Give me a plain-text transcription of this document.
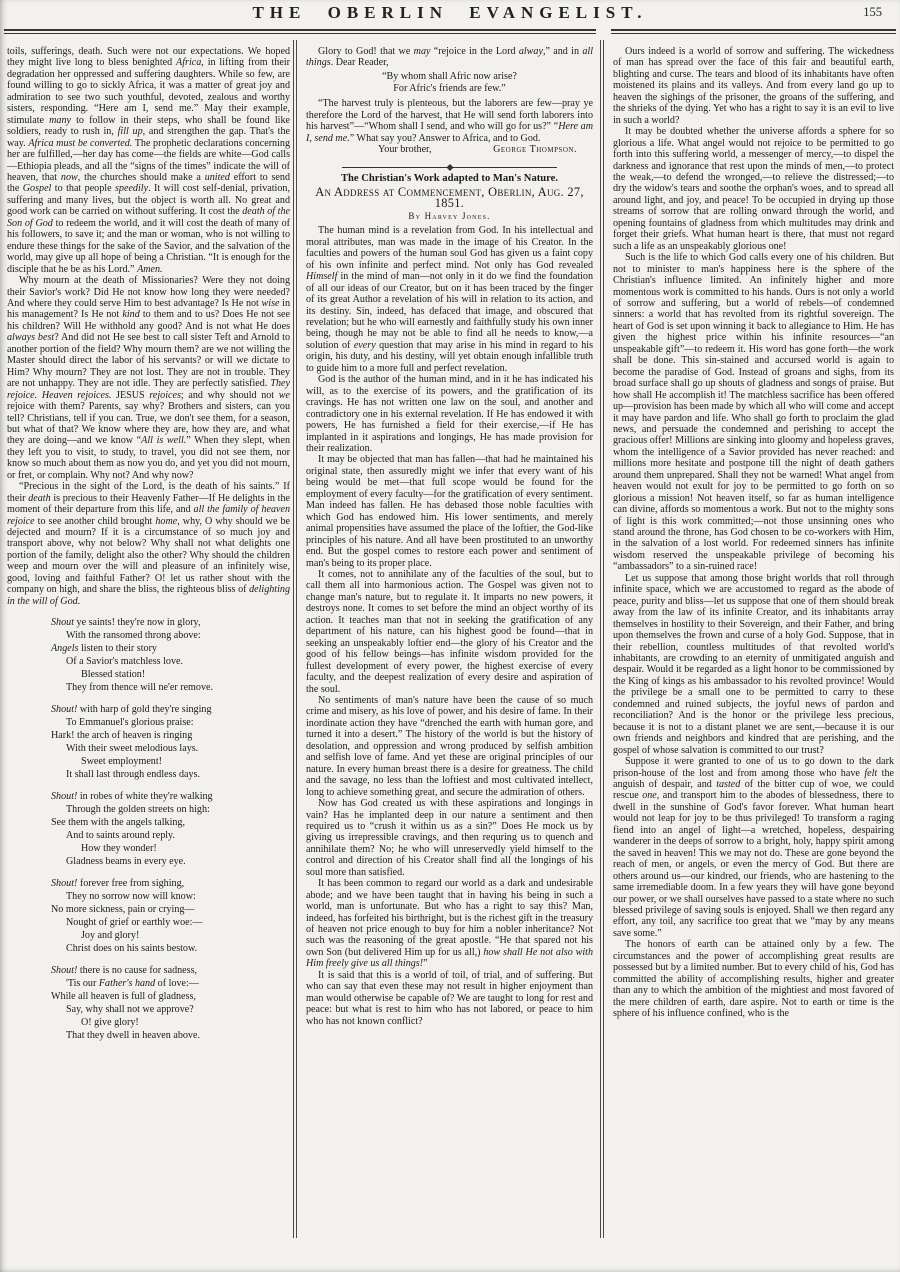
THE OBERLIN EVANGELIST.	155

toils, sufferings, death. Such were not our expectations. We hoped they might live long to bless benighted Africa, in lifting from their degradation her oppressed and suffering daughters. While so few, are found willing to go to sickly Africa, it was a matter of great joy and admiration to see two such youthful, devoted, zealous and worthy sisters, responding. “Here am I, send me.” May their example, stimulate many to follow in their steps, who shall be found like soldiers, ready to rush in, fill up, and strengthen the gap. That's the way. Africa must be converted. The prophetic declarations concerning her are fulfilled,—her day has come—the fields are white—God calls—Ethiopia pleads, and all the “signs of the times” indicate the will of heaven, that now, the churches should make a united effort to send the Gospel to that people speedily. It will cost self-denial, privation, suffering and many lives, but the object is worth all. No great and good work can be carried on without suffering. It cost the death of the Son of God to redeem the world, and it will cost the death of many of his followers, to save it; and the man or woman, who is not willing to endure these things for the sake of the Savior, and the salvation of the world, may give up all hope of being a Christian. “It is enough for the disciple that he be as his Lord.” Amen.

Why mourn at the death of Missionaries? Were they not doing their Savior's work? Did He not know how long they were needed? And where they could serve Him to best advantage? Is He not wise in his management? Is He not kind to them and to us? Does He not see his children? Will He withhold any good? And is not what He does always best? And did not He see best to call sister Teft and Arnold to another portion of the field? Why mourn them? are we not willing the Master should direct the labor of his servants? or will we dictate to Him? Why mourn? They are not lost. They are not in trouble. They are not unhappy. They are not idle. They are perfectly satisfied. They rejoice. Heaven rejoices. JESUS rejoices; and why should not we rejoice with them? Parents, say why? Brothers and sisters, can you tell? Christians, tell if you can. True, we don't see them, for a season, but what of that? We know where they are, how they are, and what they are doing—and we know “All is well.” When they slept, when they left you to visit, to study, to travel, you did not see them, nor know so much about them as now you do, and yet you did not mourn, or fret, or complain. Why not? And why now?

“Precious in the sight of the Lord, is the death of his saints.” If their death is precious to their Heavenly Father—If He delights in the moment of their departure from this life, and all the family of heaven rejoice to see another child brought home, why, O why should we be dejected and mourn? If it is a circumstance of so much joy and transport above, why not below? Why shall not what delights one portion of the family, delight also the other? Why should the children weep and mourn over the will and pleasure of an infinitely wise, good, loving and faithful Father? O! let us rather shout with the company on high, and share the bliss, the righteous bliss of delighting in the will of God.

Shout ye saints! they're now in glory,
With the ransomed throng above:
Angels listen to their story
Of a Savior's matchless love.
Blessed station!
They from thence will ne'er remove.
Shout! with harp of gold they're singing
To Emmanuel's glorious praise:
Hark! the arch of heaven is ringing
With their sweet melodious lays.
Sweet employment!
It shall last through endless days.
Shout! in robes of white they're walking
Through the golden streets on high:
See them with the angels talking,
And to saints around reply.
How they wonder!
Gladness beams in every eye.
Shout! forever free from sighing,
They no sorrow now will know:
No more sickness, pain or crying—
Nought of grief or earthly woe:—
Joy and glory!
Christ does on his saints bestow.
Shout! there is no cause for sadness,
'Tis our Father's hand of love:—
While all heaven is full of gladness,
Say, why shall not we approve?
O! give glory!
That they dwell in heaven above.

Glory to God! that we may “rejoice in the Lord alway,” and in all things. Dear Reader,

“By whom shall Afric now arise?
For Afric's friends are few.”

“The harvest truly is plenteous, but the laborers are few—pray ye therefore the Lord of the harvest, that He will send forth laborers into his harvest”—“Whom shall I send, and who will go for us?” “Here am I, send me.” What say you? Answer to Africa, and to God.

Your brother,	George Thompson.

The Christian's Work adapted to Man's Nature.

An Address at Commencement, Oberlin, Aug. 27, 1851.

By Harvey Jones.

The human mind is a revelation from God. In his intellectual and moral attributes, man was made in the image of his Creator. In the faculties and powers of the human soul God has given us a faint copy of his own infinite and perfect mind. Not only has God revealed Himself in the mind of man—not only in it do we find the foundation of all our ideas of our Creator, but on it has been traced by the finger of its great Author a revelation of his will in relation to its action, and its destiny. Sin, indeed, has defaced that image, and obscured that revelation; but he who will earnestly and faithfully study his own inner being, though he may not be able to find all he needs to know,—a solution of every question that may arise in his mind in regard to his origin, his duty, and his destiny, will yet obtain enough infallible truth to guide him to a more full and perfect revelation.

God is the author of the human mind, and in it he has indicated his will, as to the exercise of its powers, and the gratification of its cravings. He has not written one law on the soul, and another and contradictory one in his external revelation. If He has endowed it with powers, He has furnished a field for their exercise,—if He has implanted in it aspirations and longings, He has made provision for their realization.

It may be objected that man has fallen—that had he maintained his original state, then assuredly might we infer that every want of his being would be met—that full scope would be found for the employment of every faculty—for the gratification of every sentiment. Man indeed has fallen. He has debased those noble faculties with which God has endowed him. His lower sentiments, and merely animal propensities have assumed the place of the loftier, the God-like principles of his nature. And all have been prostituted to an unworthy end. But the gospel comes to restore each power and sentiment of man's being to its proper place.

It comes, not to annihilate any of the faculties of the soul, but to call them all into harmonious action. The Gospel was given not to change man's nature, but to regulate it. It imparts no new powers, it destroys none. It comes to set before the mind an object worthy of its action. It teaches man that not in seeking the gratification of any department of his nature, can his highest good be found—that in seeking an unspeakably loftier end—the glory of his Creator and the good of his fellow beings—has infinite wisdom provided for the fullest development of every power, the highest exercise of every faculty, and the deepest realization of every desire and aspiration of the soul.

No sentiments of man's nature have been the cause of so much crime and misery, as his love of power, and his desire of fame. In their inordinate action they have “drenched the earth with human gore, and turned it into a desert.” The history of the world is but the history of desolation, and oppression and wrong produced by selfish ambition and selfish love of fame. And yet these are original principles of our nature. In every human breast there is a desire for greatness. The child and the savage, no less than the loftiest and most cultivated intellect, long to achieve something great, and secure the admiration of others.

Now has God created us with these aspirations and longings in vain? Has he implanted deep in our nature a sentiment and then required us to “crush it within us as a sin?” Does He mock us by giving us irrepressible cravings, and then requring us to quench and annihilate them? No; he who will unreservedly yield himself to the control and direction of his Creator shall find all the longings of his soul more than satisfied.

It has been common to regard our world as a dark and undesirable abode; and we have been taught that in having his being in such a world, man is unfortunate. But who has a right to say this? Man, indeed, has forfeited his birthright, but is the richest gift in the treasury of heaven not price enough to buy for him a nobler inheritance? Not such was the reasoning of the great apostle. “He that spared not his own Son (but delivered Him up for us all,) how shall He not also with Him freely give us all things!”

It is said that this is a world of toil, of trial, and of suffering. But who can say that even these may not result in higher enjoyment than man would otherwise be capable of? We are taught to long for rest and peace: but what is rest to him who has not labored, or peace to him who has not known conflict?

Ours indeed is a world of sorrow and suffering. The wickedness of man has spread over the face of this fair and beautiful earth, blighting and curse. The tears and blood of its inhabitants have often moistened its plains and its valleys. And from every land go up to heaven the sighings of the prisoner, the groans of the suffering, and the shrieks of the dying. Yet who has a right to say it is an evil to live in such a world?

It may be doubted whether the universe affords a sphere for so glorious a life. What angel would not rejoice to be permitted to go forth into this suffering world, a messenger of mercy,—to dispel the darkness and ignorance that rest upon the minds of men,—to protect the weak,—to defend the wronged,—to relieve the distressed;—to dry the widow's tears and soothe the orphan's woes, and to spread all around light, and joy, and peace! To be occupied in drying up those streams of sorrow that are rolling onward through the world, and opening fountains of gladness from which multitudes may drink and forget their griefs. What human heart is there, that must not regard such a life as an unspeakably glorious one!

Such is the life to which God calls every one of his children. But not to minister to man's happiness here is the sphere of the Christian's influence limited. An infinitely higher and more momentous work is committed to his hands. Ours is not only a world of sorrow and suffering, but a world of rebels—of condemned sinners: a world that has revolted from its rightful sovereign. The heart of God is set upon winning it back to allegiance to Him. He has given the highest price within his infinite resources—“an unspeakable gift”—to redeem it. His word has gone forth—the work shall be done. This sin-stained and accursed world is again to become the paradise of God. Instead of groans and sighs, from its broad surface shall go up shouts of gladness and songs of praise. But how shall He accomplish it! The matchless sacrifice has been offered up—provision has been made by which all who will come and accept it may have pardon and life. Who shall go forth to proclaim the glad news, and persuade the condemned and perishing to accept the gracious offer! Millions are sinking into gloomy and hopeless graves, whom the intelligence of a Savior provided has never reached: and millions more hesitate and postpone till the night of death gathers around them unprepared. Shall they not be warned! What angel from heaven would not exult for joy to be permitted to go forth on so glorious a mission! Not heaven itself, so far as human intelligence can divine, affords so momentous a work. But not to the mighty sons of light is this work committed;—not those unsinning ones who stand around the throne, has God chosen to be co-workers with Him, in the salvation of a lost world. For redeemed sinners has infinite wisdom reserved the unspeakable privilege of becoming his “ambassadors” to a sin-ruined race!

Let us suppose that among those bright worlds that roll through infinite space, which we are accustomed to regard as the abode of peace, purity and bliss—let us suppose that one of them should break away from the law of its infinite Creator, and its inhabitants array themselves in hostility to their Sovereign, and their Father, and bring upon themselves the frown and curse of a holy God. Suppose, that in their rebellion, countless multitudes of that revolted world's inhabitants, are crowding to an eternity of unmitigated anguish and despair. Would it be regarded as a light honor to be commissioned by the King of kings as his ambassador to his revolted province! Would the privilege be a small one to be permitted to carry to these condemned and ruined subjects, the joyful news of pardon and reconciliation? And is the honor or the privilege less precious, because it is not to a distant planet we are sent,—because it is our own friends and neighbors and kindred that are perishing, and the gospel of whose salvation is committed to our trust?

Suppose it were granted to one of us to go down to the dark prison-house of the lost and from among those who have felt the anguish of despair, and tasted of the bitter cup of woe, we could rescue one, and transport him to the abodes of blessedness, there to dwell in the sunshine of God's favor forever. What human heart would not leap for joy to be thus privileged! To transform a raging fiend into an angel of light—a wretched, hopeless, despairing wanderer in the deeps of sorrow to a bright, holy, happy spirit among the saved in heaven! This we may not do. These are gone beyond the reach of men, or angels, or even the mercy of God. But there are others around us—our kindred, our friends, who are hastening to the same irremediable doom. In a few years they will have gone beyond our power, or we shall ourselves have passed to a state where no such blessed privilege of saving souls is enjoyed. Shall we then regard any effort, any toil, any sacrifice too great that we “may by any means save some.”

The honors of earth can be attained only by a few. The circumstances and the power of accomplishing great results are possessed but by a limited number. But to every child of his, God has committed the ability of accomplishing results, higher and greater than any to which the ambition of the mightiest and most favored of the mere children of earth, dare aspire. Not to earth or time is the sphere of his influence confined, who is the
